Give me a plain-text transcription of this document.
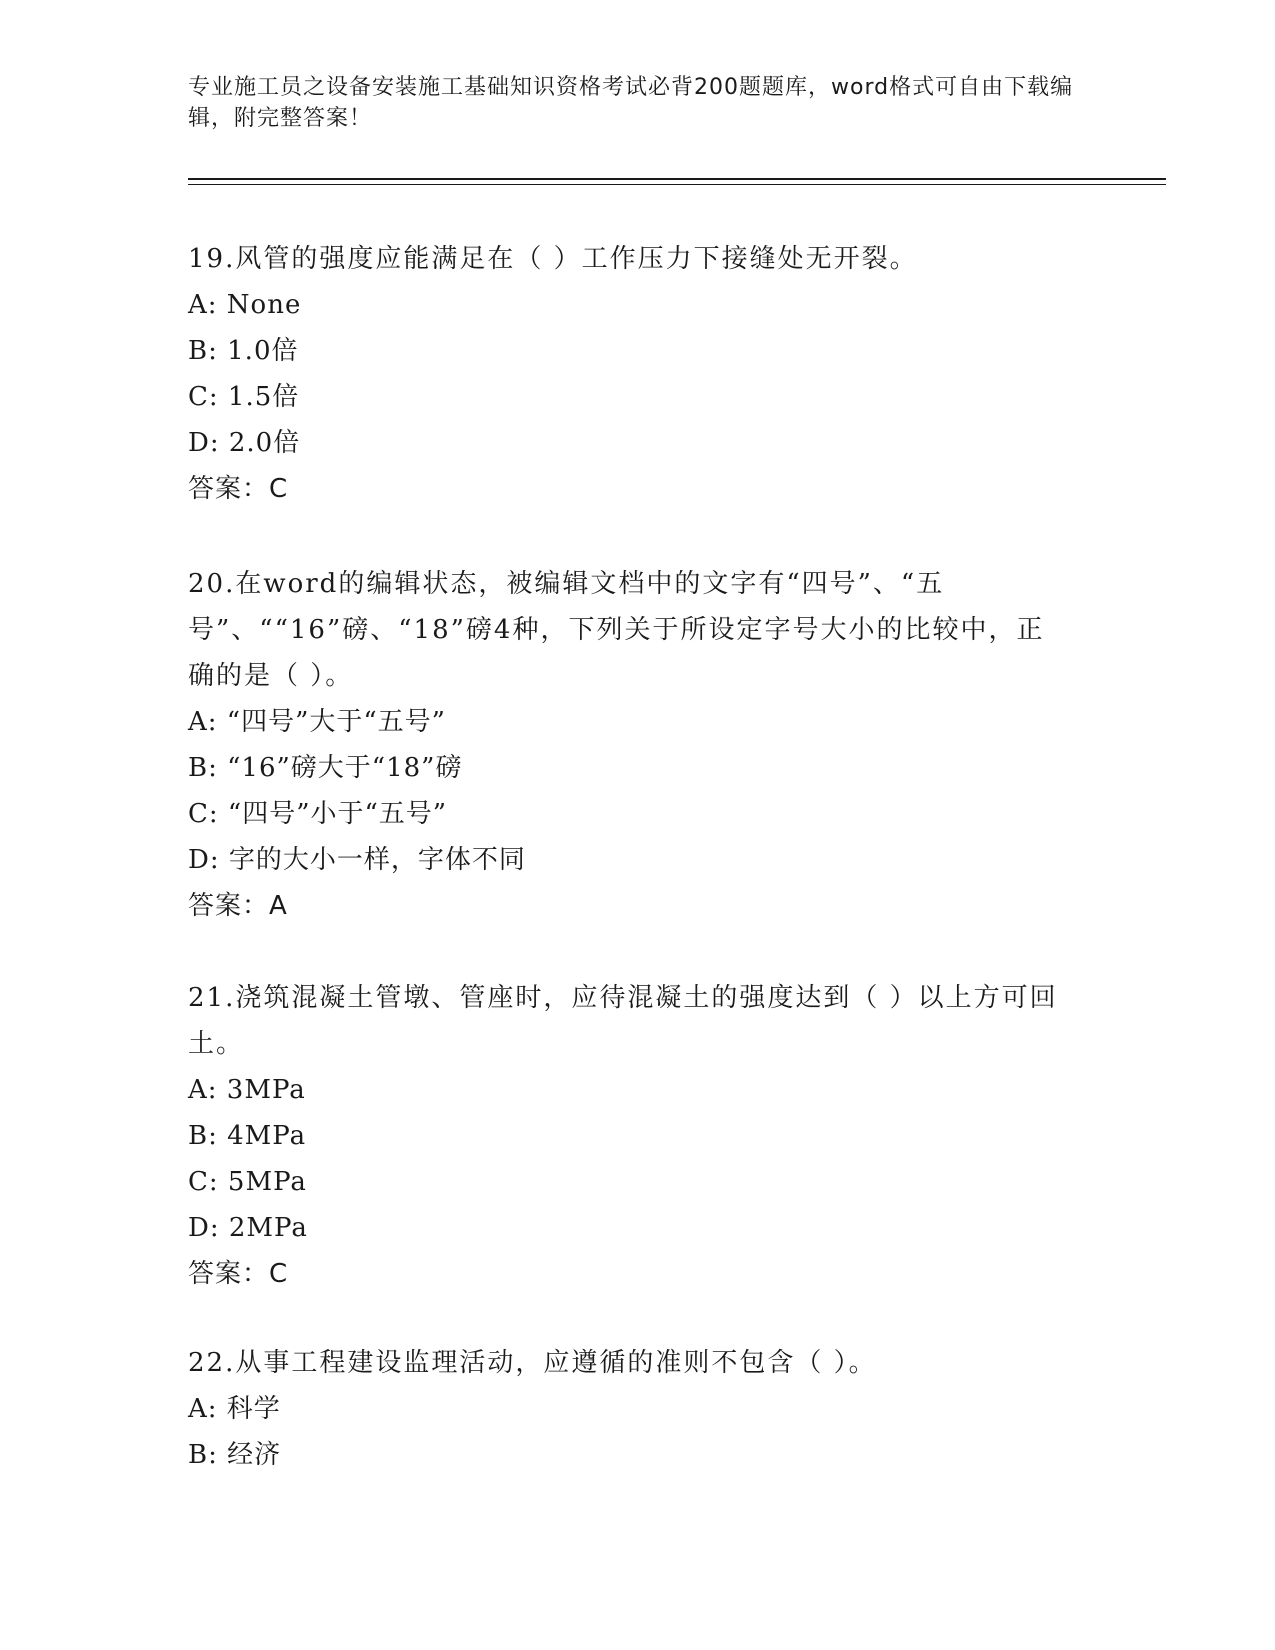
专业施工员之设备安装施工基础知识资格考试必背200题题库，word格式可自由下载编辑，附完整答案！

19.风管的强度应能满足在（ ）工作压力下接缝处无开裂。

A: None

B: 1.0倍

C: 1.5倍

D: 2.0倍

答案：C

20.在word的编辑状态，被编辑文档中的文字有“四号”、“五号”、““16”磅、“18”磅4种，下列关于所设定字号大小的比较中，正确的是（ ）。

A: “四号”大于“五号”

B: “16”磅大于“18”磅

C: “四号”小于“五号”

D: 字的大小一样，字体不同

答案：A

21.浇筑混凝土管墩、管座时，应待混凝土的强度达到（ ）以上方可回土。

A: 3MPa

B: 4MPa

C: 5MPa

D: 2MPa

答案：C

22.从事工程建设监理活动，应遵循的准则不包含（ ）。

A: 科学

B: 经济
